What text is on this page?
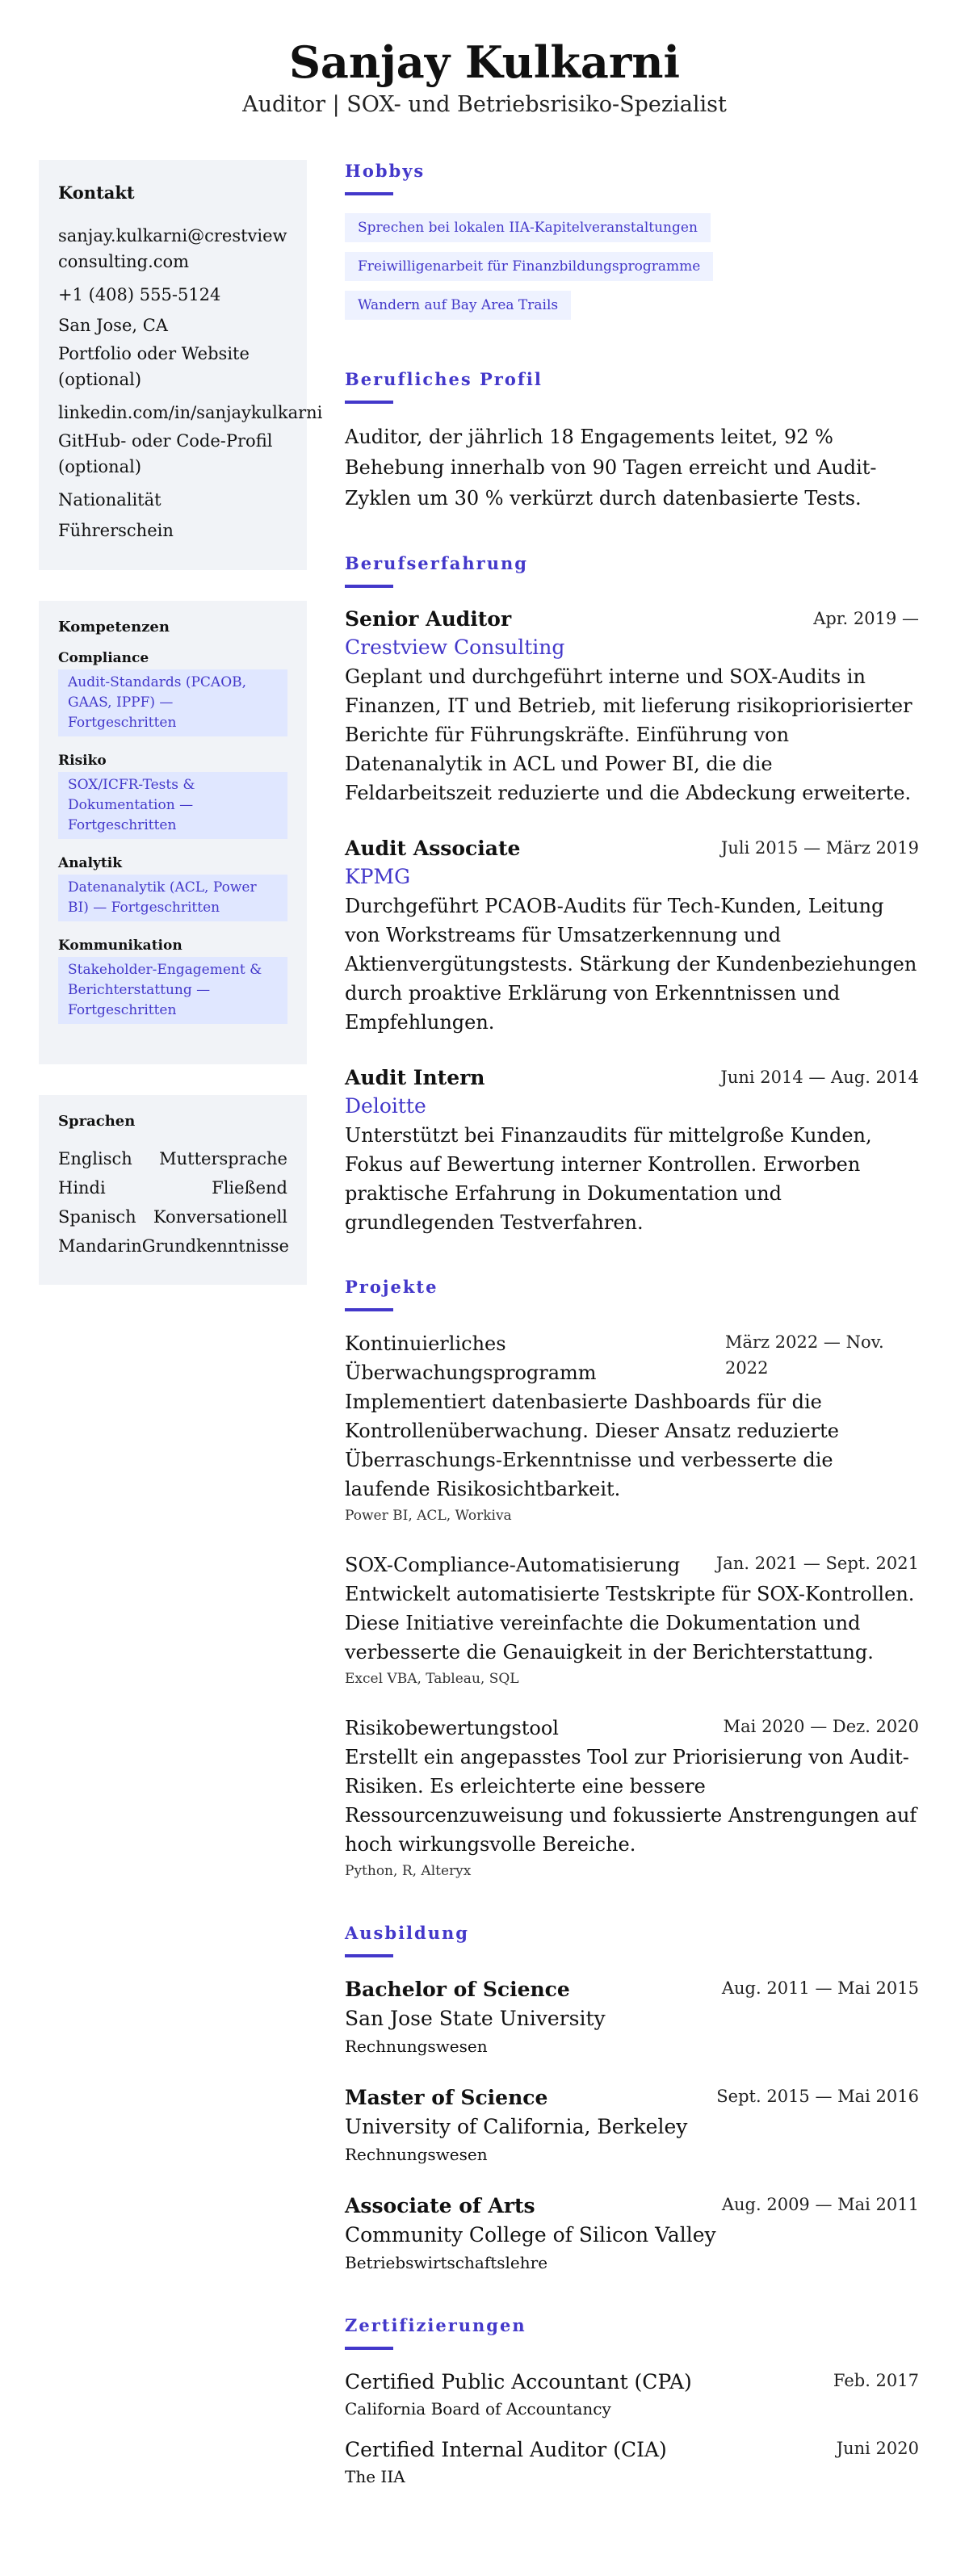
Sanjay Kulkarni
Auditor | SOX- und Betriebsrisiko-Spezialist
Kontakt
sanjay.kulkarni@crestviewconsulting.com
+1 (408) 555-5124
San Jose, CA
Portfolio oder Website (optional)
linkedin.com/in/sanjaykulkarni
GitHub- oder Code-Profil (optional)
Nationalität
Führerschein
Kompetenzen
Compliance
Audit-Standards (PCAOB, GAAS, IPPF) — Fortgeschritten
Risiko
SOX/ICFR-Tests & Dokumentation — Fortgeschritten
Analytik
Datenanalytik (ACL, Power BI) — Fortgeschritten
Kommunikation
Stakeholder-Engagement & Berichterstattung — Fortgeschritten
Sprachen
Englisch Muttersprache
Hindi	Fließend
Spanisch Konversationell
Mandarin Grundkenntnisse
Hobbys
Sprechen bei lokalen IIA-Kapitelveranstaltungen
Freiwilligenarbeit für Finanzbildungsprogramme
Wandern auf Bay Area Trails
Berufliches Profil
Auditor, der jährlich 18 Engagements leitet, 92 % Behebung innerhalb von 90 Tagen erreicht und Audit-Zyklen um 30 % verkürzt durch datenbasierte Tests.
Berufserfahrung
Senior Auditor	Apr. 2019 —
Crestview Consulting
Geplant und durchgeführt interne und SOX-Audits in Finanzen, IT und Betrieb, mit lieferung risikopriorisierter Berichte für Führungskräfte. Einführung von Datenanalytik in ACL und Power BI, die die Feldarbeitszeit reduzierte und die Abdeckung erweiterte.
Audit Associate	Juli 2015 — März 2019
KPMG
Durchgeführt PCAOB-Audits für Tech-Kunden, Leitung von Workstreams für Umsatzerkennung und Aktienvergütungstests. Stärkung der Kundenbeziehungen durch proaktive Erklärung von Erkenntnissen und Empfehlungen.
Audit Intern	Juni 2014 — Aug. 2014
Deloitte
Unterstützt bei Finanzaudits für mittelgroße Kunden, Fokus auf Bewertung interner Kontrollen. Erworben praktische Erfahrung in Dokumentation und grundlegenden Testverfahren.
Projekte
Kontinuierliches Überwachungsprogramm
März 2022 — Nov. 2022
Implementiert datenbasierte Dashboards für die Kontrollenüberwachung. Dieser Ansatz reduzierte Überraschungs-Erkenntnisse und verbesserte die laufende Risikosichtbarkeit.
Power BI, ACL, Workiva
SOX-Compliance-Automatisierung Jan. 2021 — Sept. 2021
Entwickelt automatisierte Testskripte für SOX-Kontrollen. Diese Initiative vereinfachte die Dokumentation und verbesserte die Genauigkeit in der Berichterstattung.
Excel VBA, Tableau, SQL
Risikobewertungstool	Mai 2020 — Dez. 2020
Erstellt ein angepasstes Tool zur Priorisierung von Audit-Risiken. Es erleichterte eine bessere Ressourcenzuweisung und fokussierte Anstrengungen auf hoch wirkungsvolle Bereiche.
Python, R, Alteryx
Ausbildung
Bachelor of Science	Aug. 2011 — Mai 2015
San Jose State University
Rechnungswesen
Master of Science	Sept. 2015 — Mai 2016
University of California, Berkeley
Rechnungswesen
Associate of Arts	Aug. 2009 — Mai 2011
Community College of Silicon Valley
Betriebswirtschaftslehre
Zertifizierungen
Certified Public Accountant (CPA)	Feb. 2017
California Board of Accountancy
Certified Internal Auditor (CIA)	Juni 2020
The IIA
